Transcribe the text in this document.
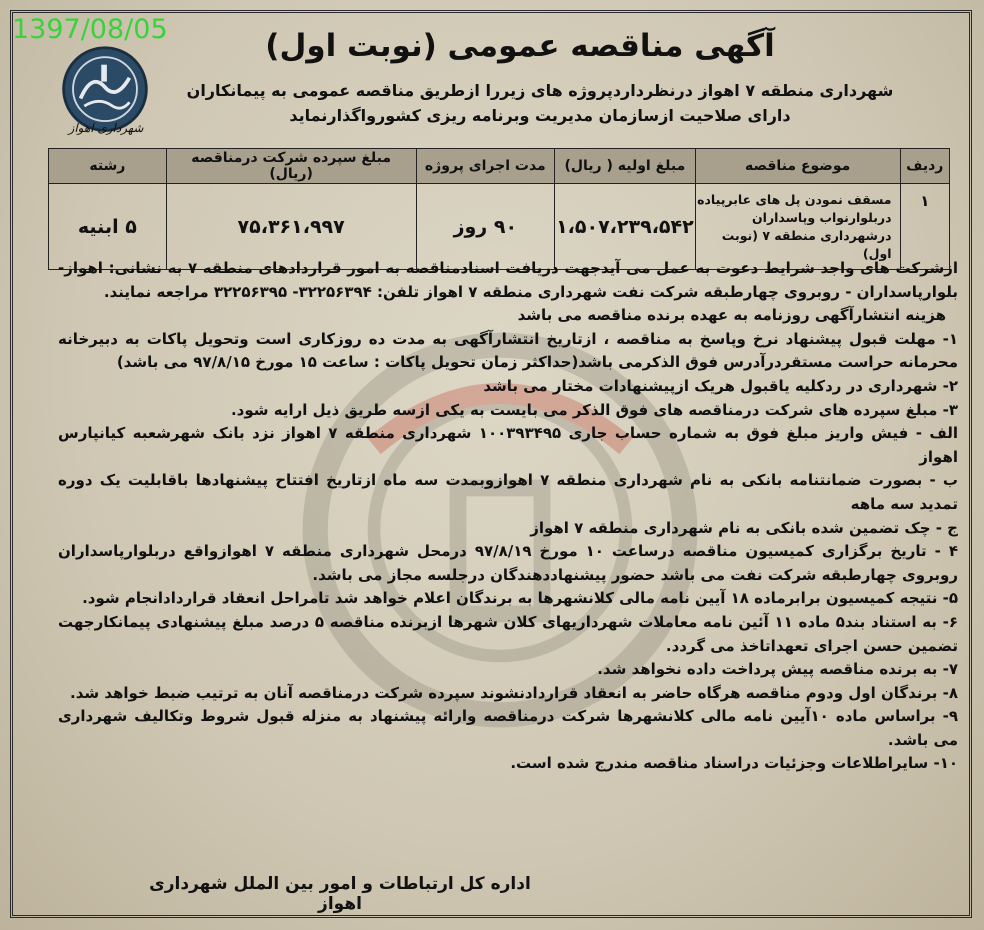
1397/08/05
شهرداری اهواز
آگهی مناقصه عمومی (نوبت اول)
شهرداری منطقه ۷ اهواز درنظرداردپروژه های زیررا ازطریق مناقصه عمومی به پیمانکاران دارای صلاحیت ازسازمان مدیریت وبرنامه ریزی کشورواگذارنماید
ردیف	موضوع مناقصه	مبلغ اولیه ( ریال)	مدت اجرای پروژه	مبلغ سپرده شرکت درمناقصه (ریال)	رشته
۱	مسقف نمودن پل های عابرپیاده دربلوارنواب وپاسداران درشهرداری منطقه ۷ (نوبت اول)	۱،۵۰۷،۲۳۹،۵۴۲	۹۰ روز	۷۵،۳۶۱،۹۹۷	۵ ابنیه

ازشرکت های واجد شرایط دعوت به عمل می آیدجهت دریافت اسنادمناقصه به امور قراردادهای منطقه ۷ به نشانی: اهواز- بلوارپاسداران - روبروی چهارطبقه شرکت نفت شهرداری منطقه ۷ اهواز تلفن: ۳۲۲۵۶۳۹۴- ۳۲۲۵۶۳۹۵ مراجعه نمایند.

هزینه انتشارآگهی روزنامه به عهده برنده مناقصه می باشد

۱- مهلت قبول پیشنهاد نرخ وپاسخ به مناقصه ، ازتاریخ انتشارآگهی به مدت ده روزکاری است وتحویل پاکات به دبیرخانه محرمانه حراست مستقردرآدرس فوق الذکرمی باشد(حداکثر زمان تحویل پاکات : ساعت ۱۵ مورخ ۹۷/۸/۱۵ می باشد)

۲- شهرداری در ردکلیه یاقبول هریک ازپیشنهادات مختار می باشد

۳- مبلغ سپرده های شرکت درمناقصه های فوق الذکر می بایست به یکی ازسه طریق ذیل ارایه شود.

الف - فیش واریز مبلغ فوق به شماره حساب جاری ۱۰۰۳۹۳۴۹۵ شهرداری منطقه ۷ اهواز نزد بانک شهرشعبه کیانپارس اهواز

ب - بصورت ضمانتنامه بانکی به نام شهرداری منطقه ۷ اهوازوبمدت سه ماه ازتاریخ افتتاح پیشنهادها باقابلیت یک دوره تمدید سه ماهه

ج - چک تضمین شده بانکی به نام شهرداری منطقه ۷ اهواز

۴ - تاریخ برگزاری کمیسیون مناقصه درساعت ۱۰ مورخ ۹۷/۸/۱۹ درمحل شهرداری منطقه ۷ اهوازواقع دربلوارپاسداران روبروی چهارطبقه شرکت نفت می باشد حضور پیشنهاددهندگان درجلسه مجاز می باشد.

۵- نتیجه کمیسیون برابرماده ۱۸ آیین نامه مالی کلانشهرها به برندگان اعلام خواهد شد تامراحل انعقاد قراردادانجام شود.

۶- به استناد بند۵ ماده ۱۱ آئین نامه معاملات شهرداریهای کلان شهرها ازبرنده مناقصه ۵ درصد مبلغ پیشنهادی پیمانکارجهت تضمین حسن اجرای تعهداتاخذ می گردد.

۷- به برنده مناقصه پیش پرداخت داده نخواهد شد.

۸- برندگان اول ودوم مناقصه هرگاه حاضر به انعقاد قراردادنشوند سپرده شرکت درمناقصه آنان به ترتیب ضبط خواهد شد.

۹- براساس ماده ۱۰آیین نامه مالی کلانشهرها شرکت درمناقصه وارائه پیشنهاد به منزله قبول شروط وتکالیف شهرداری می باشد.

۱۰- سایراطلاعات وجزئیات دراسناد مناقصه مندرج شده است.

اداره کل ارتباطات و امور بین الملل شهرداری اهواز
